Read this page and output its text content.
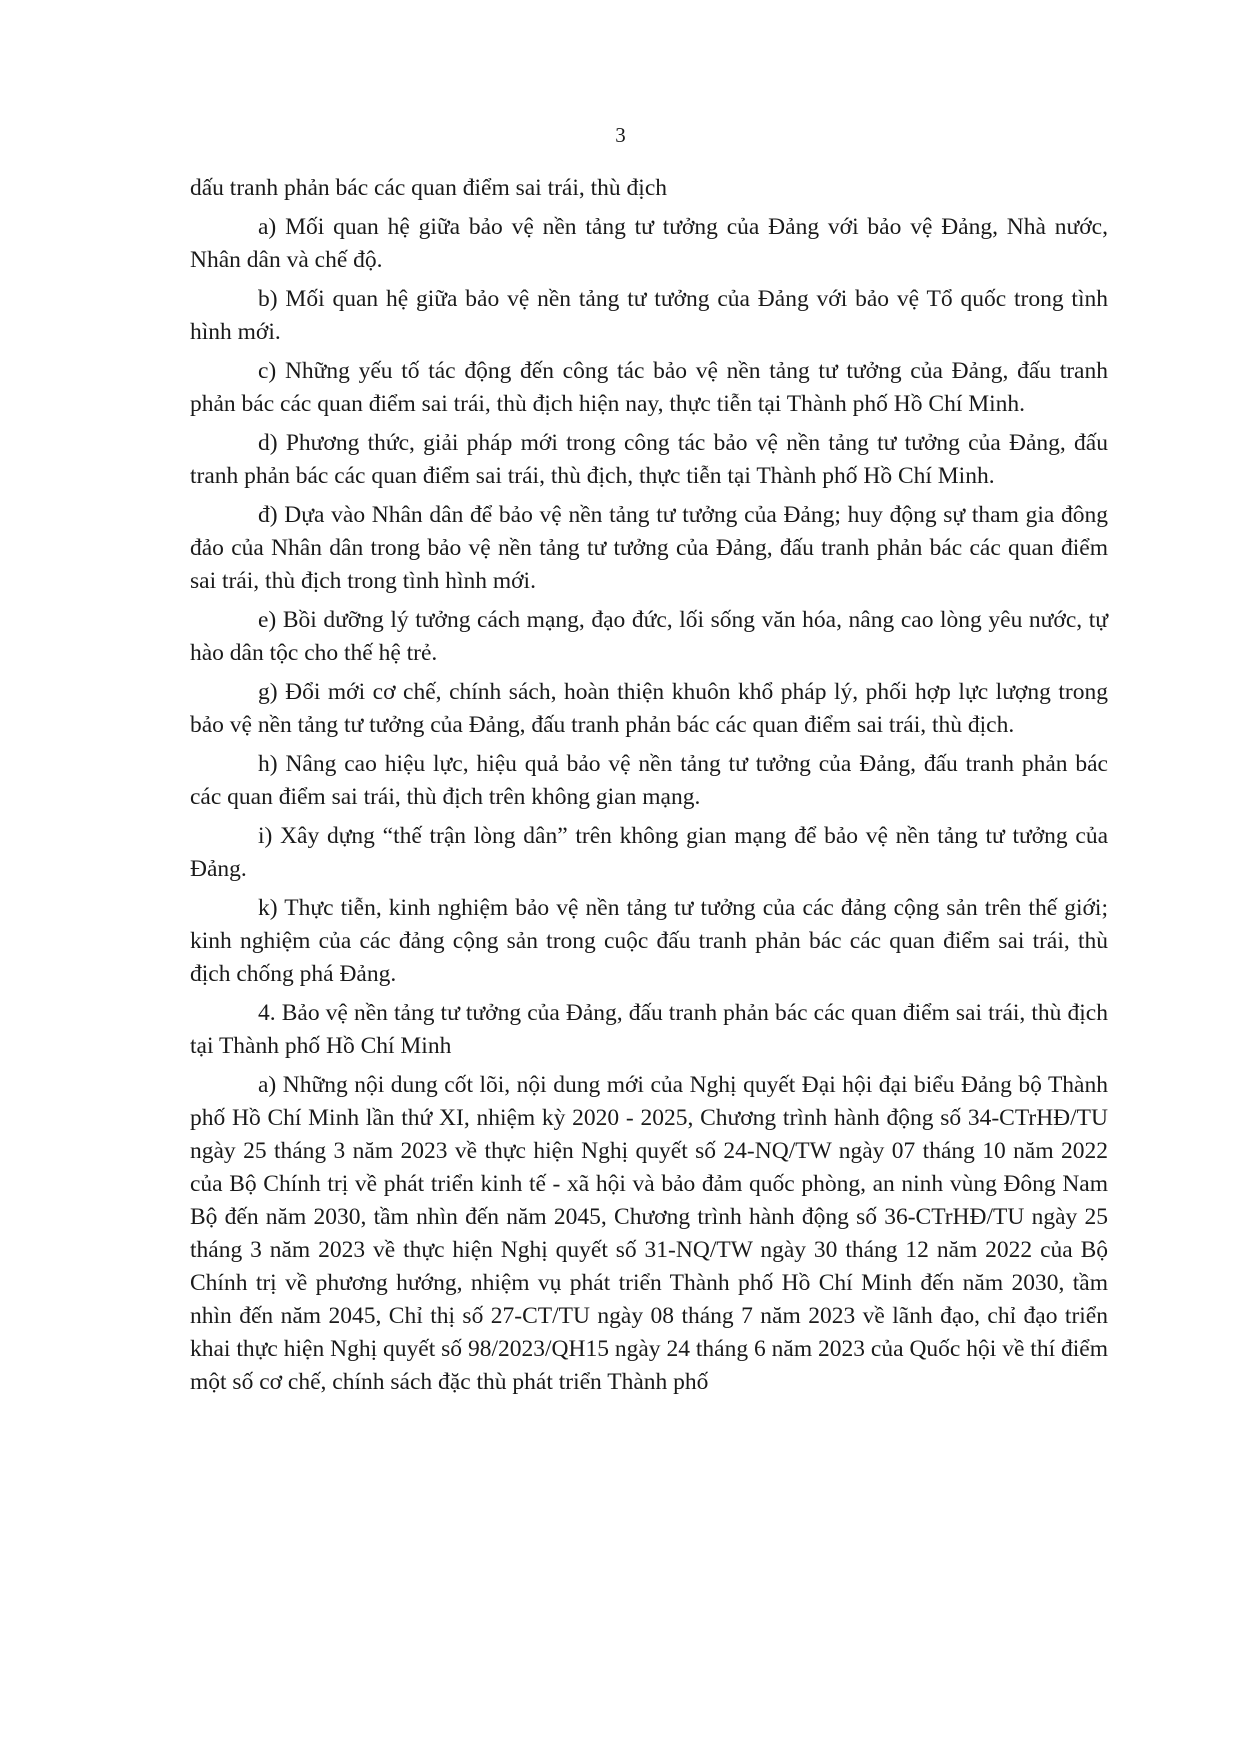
3

dấu tranh phản bác các quan điểm sai trái, thù địch

a) Mối quan hệ giữa bảo vệ nền tảng tư tưởng của Đảng với bảo vệ Đảng, Nhà nước, Nhân dân và chế độ.

b) Mối quan hệ giữa bảo vệ nền tảng tư tưởng của Đảng với bảo vệ Tổ quốc trong tình hình mới.

c) Những yếu tố tác động đến công tác bảo vệ nền tảng tư tưởng của Đảng, đấu tranh phản bác các quan điểm sai trái, thù địch hiện nay, thực tiễn tại Thành phố Hồ Chí Minh.

d) Phương thức, giải pháp mới trong công tác bảo vệ nền tảng tư tưởng của Đảng, đấu tranh phản bác các quan điểm sai trái, thù địch, thực tiễn tại Thành phố Hồ Chí Minh.

đ) Dựa vào Nhân dân để bảo vệ nền tảng tư tưởng của Đảng; huy động sự tham gia đông đảo của Nhân dân trong bảo vệ nền tảng tư tưởng của Đảng, đấu tranh phản bác các quan điểm sai trái, thù địch trong tình hình mới.

e) Bồi dưỡng lý tưởng cách mạng, đạo đức, lối sống văn hóa, nâng cao lòng yêu nước, tự hào dân tộc cho thế hệ trẻ.

g) Đổi mới cơ chế, chính sách, hoàn thiện khuôn khổ pháp lý, phối hợp lực lượng trong bảo vệ nền tảng tư tưởng của Đảng, đấu tranh phản bác các quan điểm sai trái, thù địch.

h) Nâng cao hiệu lực, hiệu quả bảo vệ nền tảng tư tưởng của Đảng, đấu tranh phản bác các quan điểm sai trái, thù địch trên không gian mạng.

i) Xây dựng “thế trận lòng dân” trên không gian mạng để bảo vệ nền tảng tư tưởng của Đảng.

k) Thực tiễn, kinh nghiệm bảo vệ nền tảng tư tưởng của các đảng cộng sản trên thế giới; kinh nghiệm của các đảng cộng sản trong cuộc đấu tranh phản bác các quan điểm sai trái, thù địch chống phá Đảng.

4. Bảo vệ nền tảng tư tưởng của Đảng, đấu tranh phản bác các quan điểm sai trái, thù địch tại Thành phố Hồ Chí Minh

a) Những nội dung cốt lõi, nội dung mới của Nghị quyết Đại hội đại biểu Đảng bộ Thành phố Hồ Chí Minh lần thứ XI, nhiệm kỳ 2020 - 2025, Chương trình hành động số 34-CTrHĐ/TU ngày 25 tháng 3 năm 2023 về thực hiện Nghị quyết số 24-NQ/TW ngày 07 tháng 10 năm 2022 của Bộ Chính trị về phát triển kinh tế - xã hội và bảo đảm quốc phòng, an ninh vùng Đông Nam Bộ đến năm 2030, tầm nhìn đến năm 2045, Chương trình hành động số 36-CTrHĐ/TU ngày 25 tháng 3 năm 2023 về thực hiện Nghị quyết số 31-NQ/TW ngày 30 tháng 12 năm 2022 của Bộ Chính trị về phương hướng, nhiệm vụ phát triển Thành phố Hồ Chí Minh đến năm 2030, tầm nhìn đến năm 2045, Chỉ thị số 27-CT/TU ngày 08 tháng 7 năm 2023 về lãnh đạo, chỉ đạo triển khai thực hiện Nghị quyết số 98/2023/QH15 ngày 24 tháng 6 năm 2023 của Quốc hội về thí điểm một số cơ chế, chính sách đặc thù phát triển Thành phố
